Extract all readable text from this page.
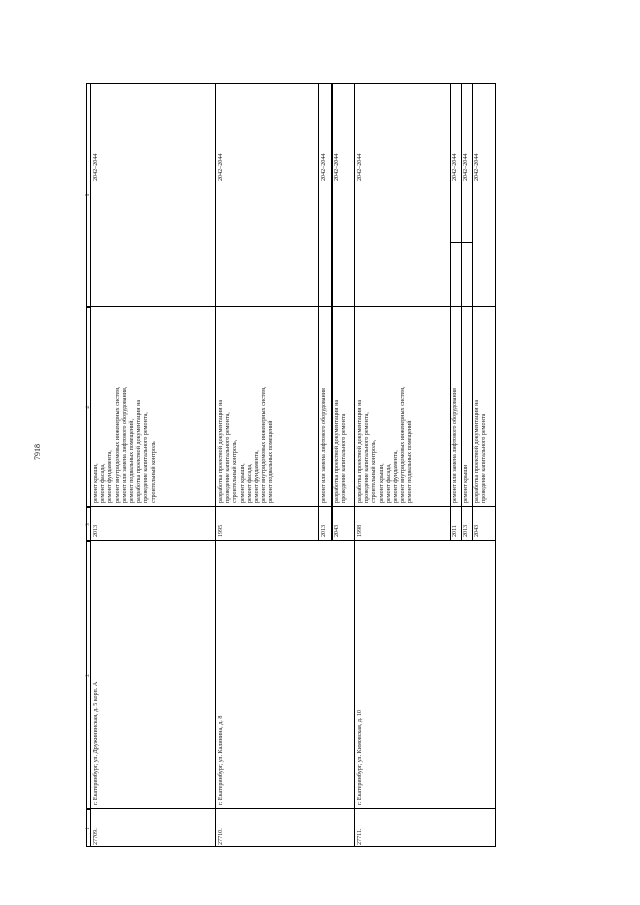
7918
1
2
3
4
5
27709.
г. Екатеринбург, ул. Дружининская, д. 5 корп. А
2013
ремонт крыши,
ремонт фасада,
ремонт фундамента,
ремонт внутридомовых инженерных систем,
ремонт или замена лифтового оборудования,
ремонт подвальных помещений,
разработка проектной документации на
проведение капитального ремонта,
строительный контроль
2042–2044
27710.
г. Екатеринбург, ул. Калинина, д. 8
1995
разработка проектной документации на
проведение капитального ремонта,
строительный контроль,
ремонт крыши,
ремонт фасада,
ремонт фундамента,
ремонт внутридомовых инженерных систем,
ремонт подвальных помещений
2042–2044
2013
ремонт или замена лифтового оборудования
2042–2044
2043
разработка проектной документации на
проведение капитального ремонта
2042–2044
27711.
г. Екатеринбург, ул. Кимовская, д. 10
1998
разработка проектной документации на
проведение капитального ремонта,
строительный контроль,
ремонт крыши,
ремонт фасада,
ремонт фундамента,
ремонт внутридомовых инженерных систем,
ремонт подвальных помещений
2042–2044
2011
ремонт или замена лифтового оборудования
2042–2044
2013
ремонт крыши
2042–2044
2043
разработка проектной документации на
проведение капитального ремонта
2042–2044
